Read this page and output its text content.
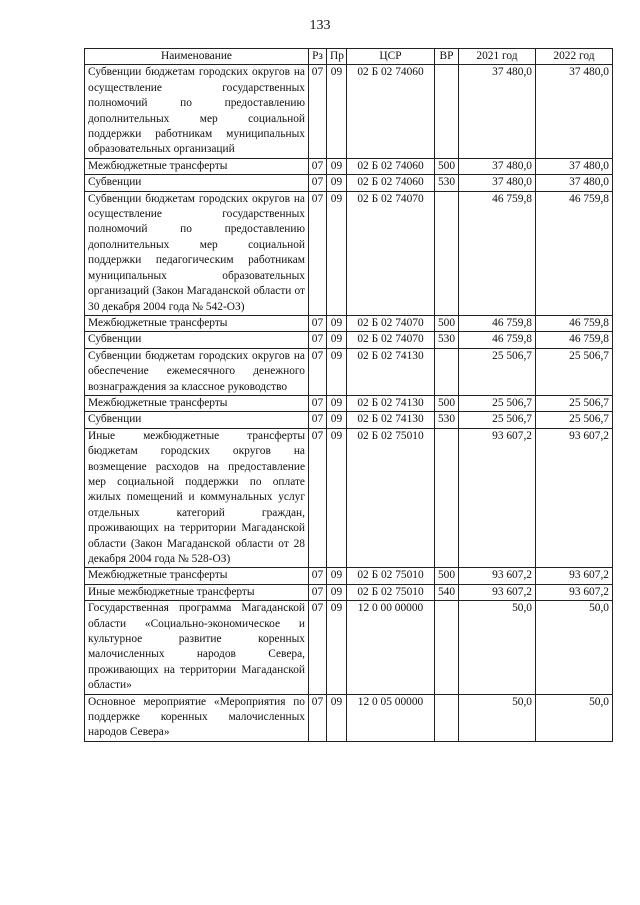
133
Наименование	Рз	Пр	ЦСР	ВР	2021 год	2022 год
Субвенции бюджетам городских округов на осуществление государственных полномочий по предоставлению дополнительных мер социальной поддержки работникам муниципальных образовательных организаций	07	09	02 Б 02 74060		37 480,0	37 480,0
Межбюджетные трансферты	07	09	02 Б 02 74060	500	37 480,0	37 480,0
Субвенции	07	09	02 Б 02 74060	530	37 480,0	37 480,0
Субвенции бюджетам городских округов на осуществление государственных полномочий по предоставлению дополнительных мер социальной поддержки педагогическим работникам муниципальных образовательных организаций (Закон Магаданской области от 30 декабря 2004 года № 542-ОЗ)	07	09	02 Б 02 74070		46 759,8	46 759,8
Межбюджетные трансферты	07	09	02 Б 02 74070	500	46 759,8	46 759,8
Субвенции	07	09	02 Б 02 74070	530	46 759,8	46 759,8
Субвенции бюджетам городских округов на обеспечение ежемесячного денежного вознаграждения за классное руководство	07	09	02 Б 02 74130		25 506,7	25 506,7
Межбюджетные трансферты	07	09	02 Б 02 74130	500	25 506,7	25 506,7
Субвенции	07	09	02 Б 02 74130	530	25 506,7	25 506,7
Иные межбюджетные трансферты бюджетам городских округов на возмещение расходов на предоставление мер социальной поддержки по оплате жилых помещений и коммунальных услуг отдельных категорий граждан, проживающих на территории Магаданской области (Закон Магаданской области от 28 декабря 2004 года № 528-ОЗ)	07	09	02 Б 02 75010		93 607,2	93 607,2
Межбюджетные трансферты	07	09	02 Б 02 75010	500	93 607,2	93 607,2
Иные межбюджетные трансферты	07	09	02 Б 02 75010	540	93 607,2	93 607,2
Государственная программа Магаданской области «Социально-экономическое и культурное развитие коренных малочисленных народов Севера, проживающих на территории Магаданской области»	07	09	12 0 00 00000		50,0	50,0
Основное мероприятие «Мероприятия по поддержке коренных малочисленных народов Севера»	07	09	12 0 05 00000		50,0	50,0
